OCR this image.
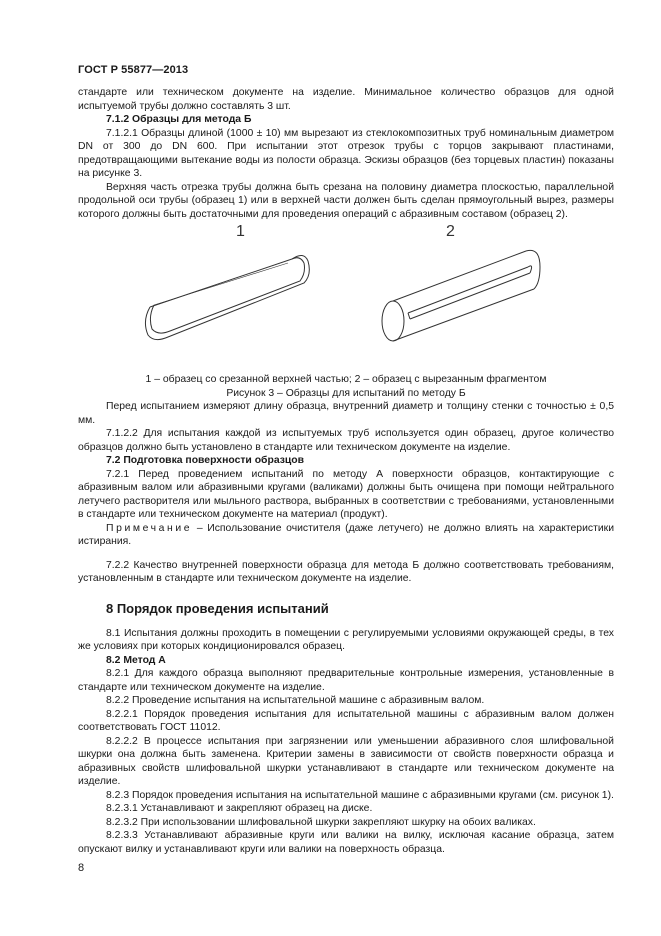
ГОСТ Р 55877—2013

стандарте или техническом документе на изделие. Минимальное количество образцов для одной испытуемой трубы должно составлять 3 шт.

7.1.2 Образцы для метода Б

7.1.2.1 Образцы длиной (1000 ± 10) мм вырезают из стеклокомпозитных труб номинальным диаметром DN от 300 до DN 600. При испытании этот отрезок трубы с торцов закрывают пластинами, предотвращающими вытекание воды из полости образца. Эскизы образцов (без торцевых пластин) показаны на рисунке 3.

Верхняя часть отрезка трубы должна быть срезана на половину диаметра плоскостью, параллельной продольной оси трубы (образец 1) или в верхней части должен быть сделан прямоугольный вырез, размеры которого должны быть достаточными для проведения операций с абразивным составом (образец 2).

1	2

1 – образец со срезанной верхней частью; 2 – образец с вырезанным фрагментом

Рисунок 3 – Образцы для испытаний по методу Б

Перед испытанием измеряют длину образца, внутренний диаметр и толщину стенки с точностью ± 0,5 мм.

7.1.2.2 Для испытания каждой из испытуемых труб используется один образец, другое количество образцов должно быть установлено в стандарте или техническом документе на изделие.

7.2 Подготовка поверхности образцов

7.2.1 Перед проведением испытаний по методу А поверхности образцов, контактирующие с абразивным валом или абразивными кругами (валиками) должны быть очищена при помощи нейтрального летучего растворителя или мыльного раствора, выбранных в соответствии с требованиями, установленными в стандарте или техническом документе на материал (продукт).

Примечание – Использование очистителя (даже летучего) не должно влиять на характеристики истирания.

7.2.2 Качество внутренней поверхности образца для метода Б должно соответствовать требованиям, установленным в стандарте или техническом документе на изделие.

8 Порядок проведения испытаний

8.1 Испытания должны проходить в помещении с регулируемыми условиями окружающей среды, в тех же условиях при которых кондиционировался образец.

8.2 Метод А

8.2.1 Для каждого образца выполняют предварительные контрольные измерения, установленные в стандарте или техническом документе на изделие.

8.2.2 Проведение испытания на испытательной машине с абразивным валом.

8.2.2.1 Порядок проведения испытания для испытательной машины с абразивным валом должен соответствовать ГОСТ 11012.

8.2.2.2 В процессе испытания при загрязнении или уменьшении абразивного слоя шлифовальной шкурки она должна быть заменена. Критерии замены в зависимости от свойств поверхности образца и абразивных свойств шлифовальной шкурки устанавливают в стандарте или техническом документе на изделие.

8.2.3 Порядок проведения испытания на испытательной машине с абразивными кругами (см. рисунок 1).

8.2.3.1 Устанавливают и закрепляют образец на диске.

8.2.3.2 При использовании шлифовальной шкурки закрепляют шкурку на обоих валиках.

8.2.3.3 Устанавливают абразивные круги или валики на вилку, исключая касание образца, затем опускают вилку и устанавливают круги или валики на поверхность образца.

8
